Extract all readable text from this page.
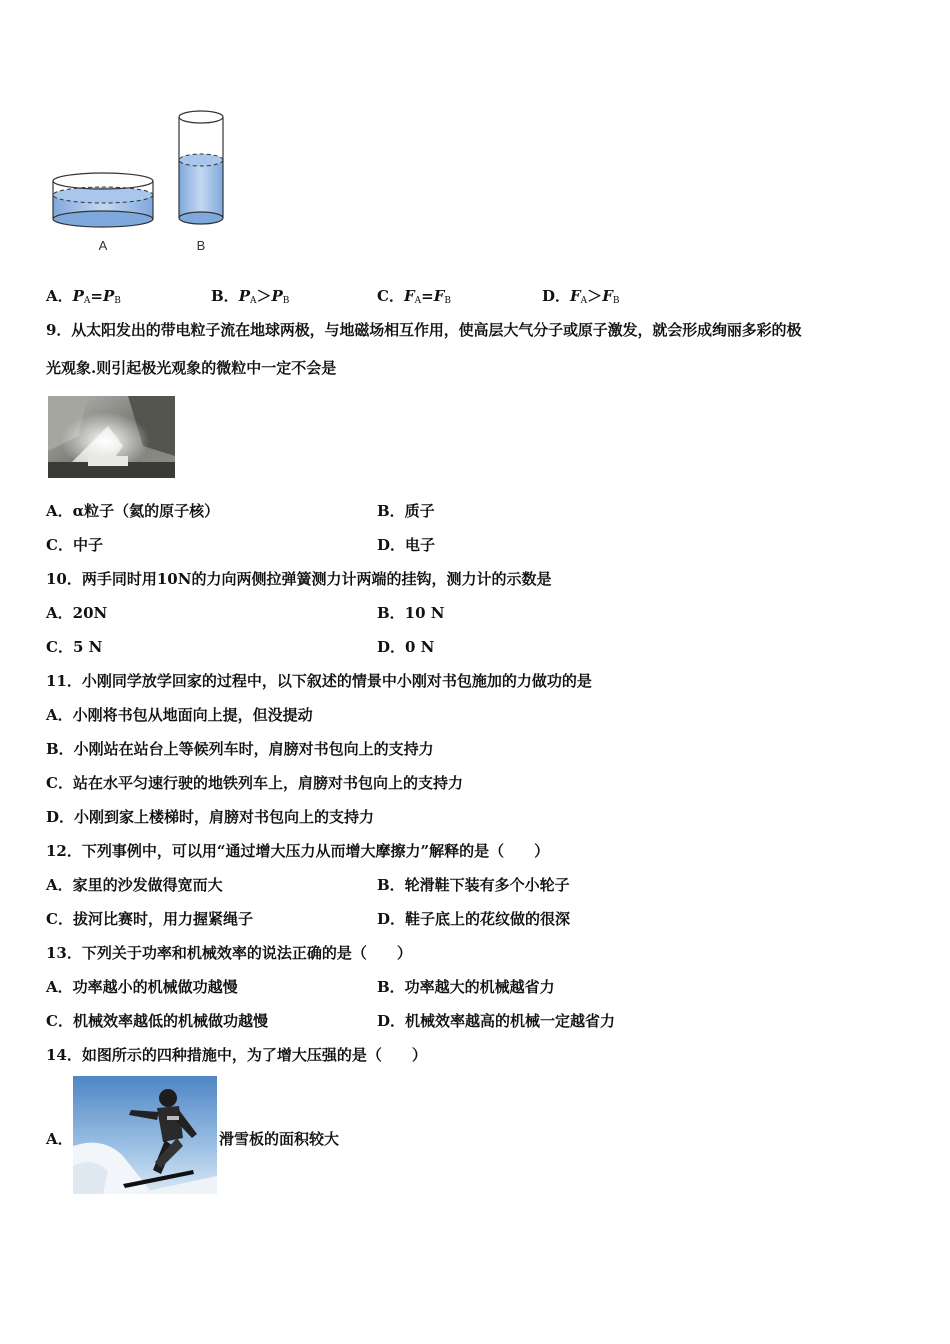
A	B
A．$P_A=P_B$	B．$P_A>P_B$	C．$F_A=F_B$	D．$F_A>F_B$
9．从太阳发出的带电粒子流在地球两极，与地磁场相互作用，使高层大气分子或原子激发，就会形成绚丽多彩的极
光观象.则引起极光观象的微粒中一定不会是
A．α粒子（氦的原子核）	B．质子
C．中子	D．电子
10．两手同时用10N的力向两侧拉弹簧测力计两端的挂钩，测力计的示数是
A．20N	B．10 N
C．5 N	D．0 N
11．小刚同学放学回家的过程中，以下叙述的情景中小刚对书包施加的力做功的是
A．小刚将书包从地面向上提，但没提动
B．小刚站在站台上等候列车时，肩膀对书包向上的支持力
C．站在水平匀速行驶的地铁列车上，肩膀对书包向上的支持力
D．小刚到家上楼梯时，肩膀对书包向上的支持力
12．下列事例中，可以用“通过增大压力从而增大摩擦力”解释的是（　　）
A．家里的沙发做得宽而大	B．轮滑鞋下装有多个小轮子
C．拔河比赛时，用力握紧绳子	D．鞋子底上的花纹做的很深
13．下列关于功率和机械效率的说法正确的是（　　）
A．功率越小的机械做功越慢	B．功率越大的机械越省力
C．机械效率越低的机械做功越慢	D．机械效率越高的机械一定越省力
14．如图所示的四种措施中，为了增大压强的是（　　）
A．	滑雪板的面积较大
